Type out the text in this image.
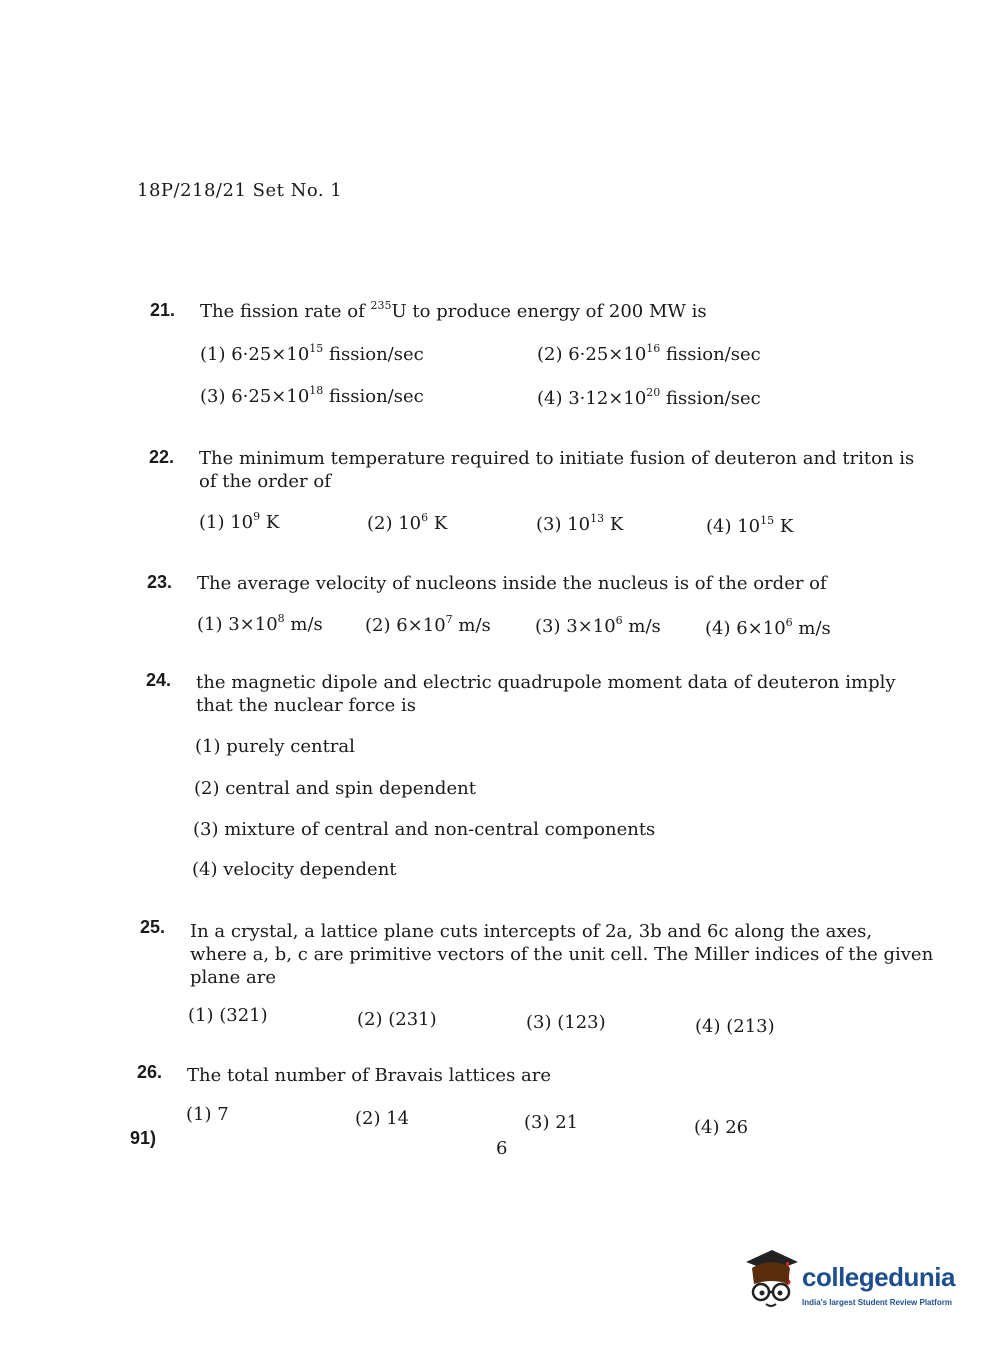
18P/218/21 Set No. 1
21. The fission rate of $^{235}$U to produce energy of 200 MW is
(1) $6\cdot 25\times 10^{15}$ fission/sec	(2) $6\cdot 25\times 10^{16}$ fission/sec
(3) $6\cdot 25\times 10^{18}$ fission/sec	(4) $3\cdot 12\times 10^{20}$ fission/sec
22. The minimum temperature required to initiate fusion of deuteron and triton is
of the order of
(1) $10^9$ K	(2) $10^6$ K	(3) $10^{13}$ K	(4) $10^{15}$ K
23. The average velocity of nucleons inside the nucleus is of the order of
(1) $3\times 10^8$ m/s (2) $6\times 10^7$ m/s (3) $3\times 10^6$ m/s (4) $6\times 10^6$ m/s
24. the magnetic dipole and electric quadrupole moment data of deuteron imply
that the nuclear force is
(1) purely central
(2) central and spin dependent
(3) mixture of central and non-central components
(4) velocity dependent
25. In a crystal, a lattice plane cuts intercepts of 2a, 3b and 6c along the axes,
where a, b, c are primitive vectors of the unit cell. The Miller indices of the given
plane are
(1) (321)	(2) (231)	(3) (123)	(4) (213)
26. The total number of Bravais lattices are
(1) 7	(2) 14	(3) 21	(4) 26
91)	6
collegedunia
India's largest Student Review Platform
